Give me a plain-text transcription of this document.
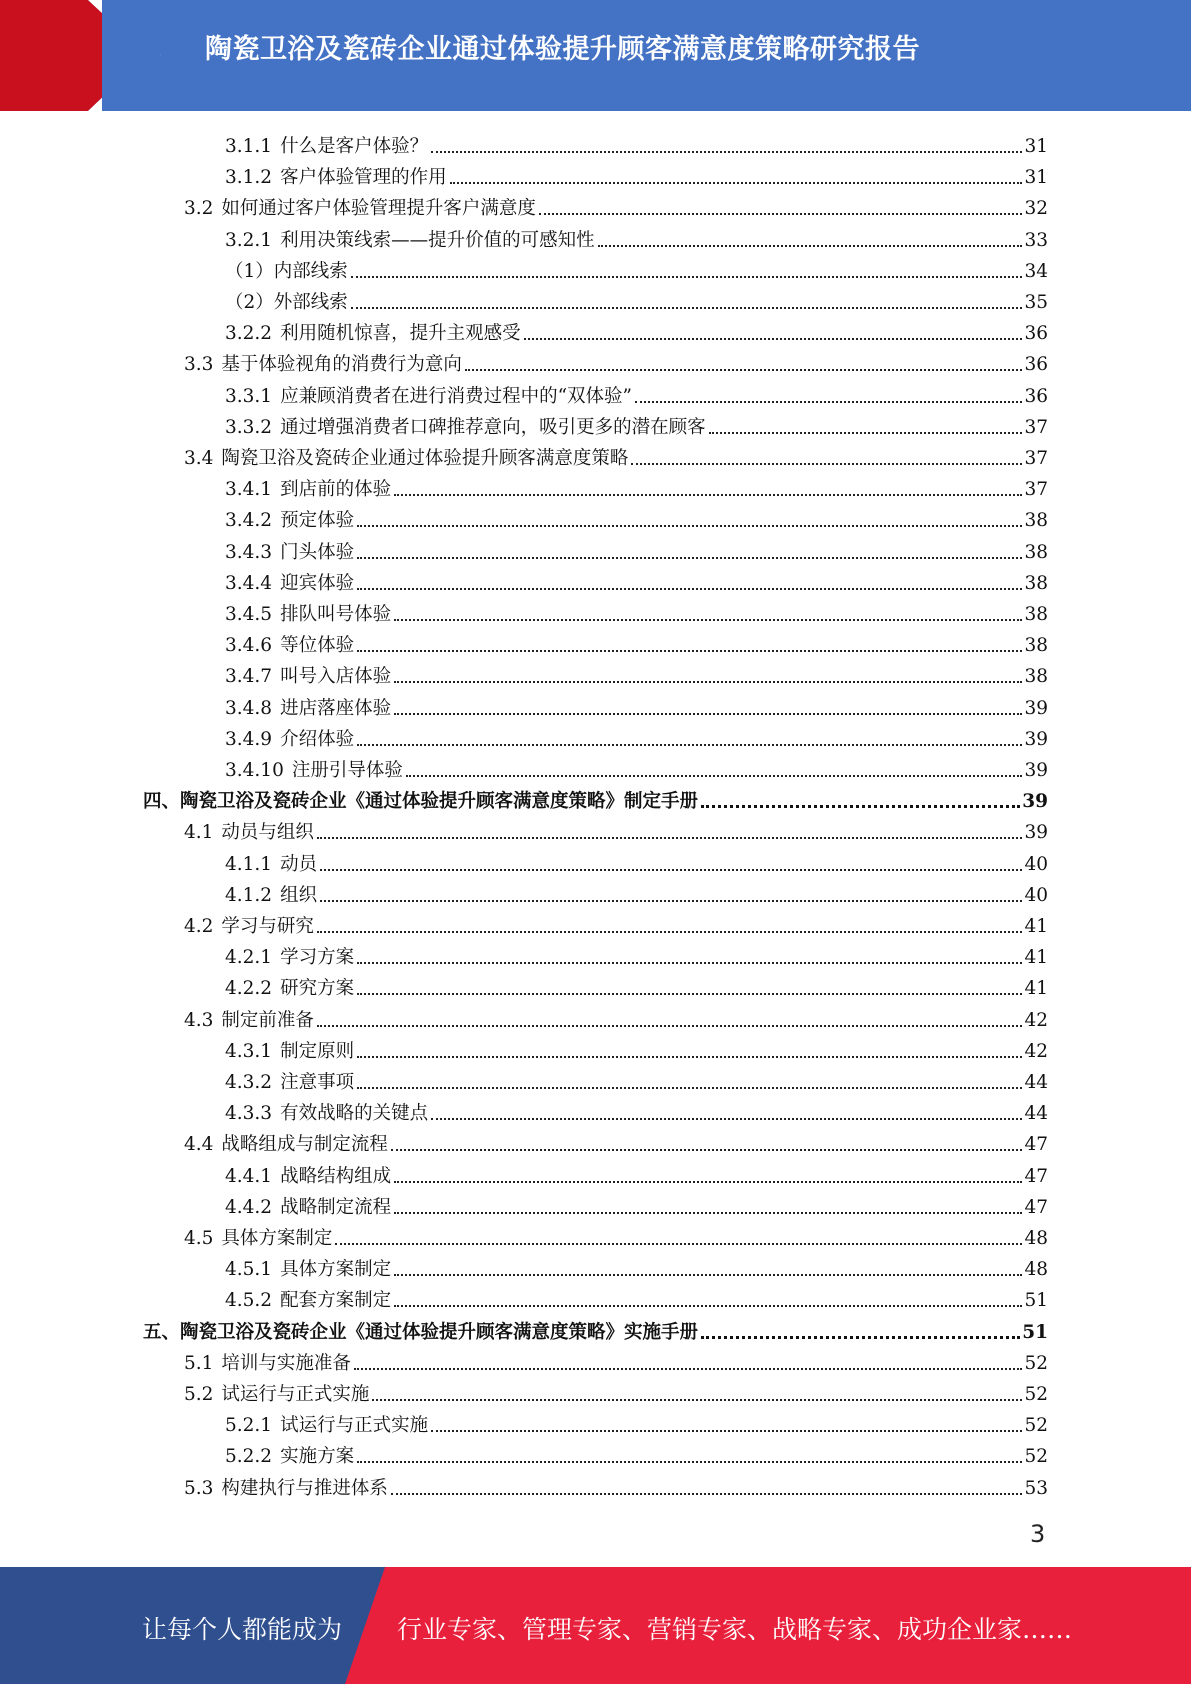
陶瓷卫浴及瓷砖企业通过体验提升顾客满意度策略研究报告
3.1.1 什么是客户体验？	31
3.1.2 客户体验管理的作用	31
3.2 如何通过客户体验管理提升客户满意度	32
3.2.1 利用决策线索——提升价值的可感知性	33
（1）内部线索	34
（2）外部线索	35
3.2.2 利用随机惊喜，提升主观感受	36
3.3 基于体验视角的消费行为意向	36
3.3.1 应兼顾消费者在进行消费过程中的“双体验”	36
3.3.2 通过增强消费者口碑推荐意向，吸引更多的潜在顾客	37
3.4 陶瓷卫浴及瓷砖企业通过体验提升顾客满意度策略	37
3.4.1 到店前的体验	37
3.4.2 预定体验	38
3.4.3 门头体验	38
3.4.4 迎宾体验	38
3.4.5 排队叫号体验	38
3.4.6 等位体验	38
3.4.7 叫号入店体验	38
3.4.8 进店落座体验	39
3.4.9 介绍体验	39
3.4.10 注册引导体验	39
四、陶瓷卫浴及瓷砖企业《通过体验提升顾客满意度策略》制定手册	39
4.1 动员与组织	39
4.1.1 动员	40
4.1.2 组织	40
4.2 学习与研究	41
4.2.1 学习方案	41
4.2.2 研究方案	41
4.3 制定前准备	42
4.3.1 制定原则	42
4.3.2 注意事项	44
4.3.3 有效战略的关键点	44
4.4 战略组成与制定流程	47
4.4.1 战略结构组成	47
4.4.2 战略制定流程	47
4.5 具体方案制定	48
4.5.1 具体方案制定	48
4.5.2 配套方案制定	51
五、陶瓷卫浴及瓷砖企业《通过体验提升顾客满意度策略》实施手册	51
5.1 培训与实施准备	52
5.2 试运行与正式实施	52
5.2.1 试运行与正式实施	52
5.2.2 实施方案	52
5.3 构建执行与推进体系	53
3
让每个人都能成为 行业专家、管理专家、营销专家、战略专家、成功企业家……
